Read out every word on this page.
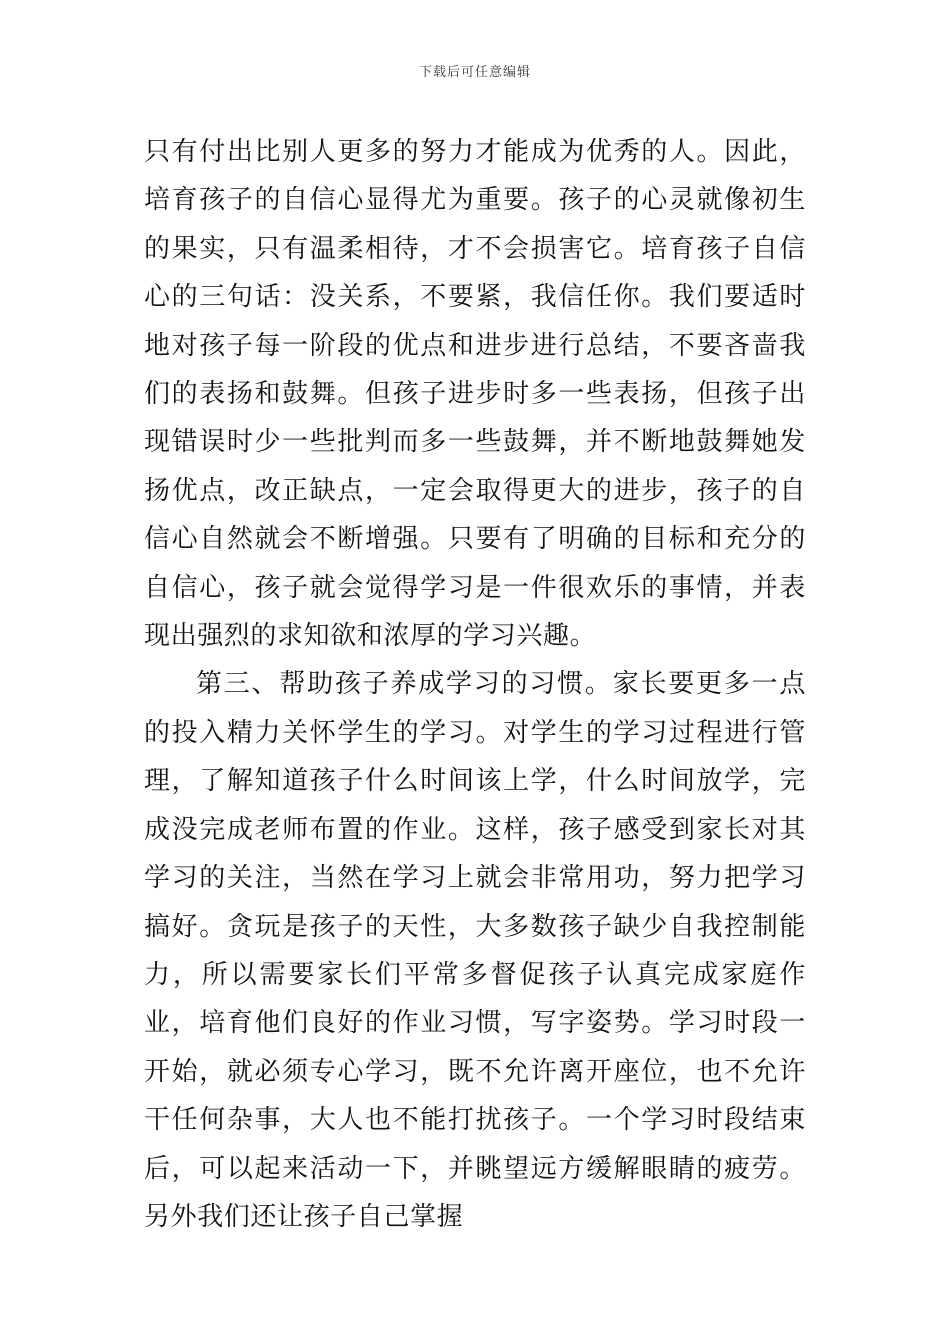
下载后可任意编辑

只有付出比别人更多的努力才能成为优秀的人。因此，培育孩子的自信心显得尤为重要。孩子的心灵就像初生的果实，只有温柔相待，才不会损害它。培育孩子自信心的三句话：没关系，不要紧，我信任你。我们要适时地对孩子每一阶段的优点和进步进行总结，不要吝啬我们的表扬和鼓舞。但孩子进步时多一些表扬，但孩子出现错误时少一些批判而多一些鼓舞，并不断地鼓舞她发扬优点，改正缺点，一定会取得更大的进步，孩子的自信心自然就会不断增强。只要有了明确的目标和充分的自信心，孩子就会觉得学习是一件很欢乐的事情，并表现出强烈的求知欲和浓厚的学习兴趣。

第三、帮助孩子养成学习的习惯。家长要更多一点的投入精力关怀学生的学习。对学生的学习过程进行管理，了解知道孩子什么时间该上学，什么时间放学，完成没完成老师布置的作业。这样，孩子感受到家长对其学习的关注，当然在学习上就会非常用功，努力把学习搞好。贪玩是孩子的天性，大多数孩子缺少自我控制能力，所以需要家长们平常多督促孩子认真完成家庭作业，培育他们良好的作业习惯，写字姿势。学习时段一开始，就必须专心学习，既不允许离开座位，也不允许干任何杂事，大人也不能打扰孩子。一个学习时段结束后，可以起来活动一下，并眺望远方缓解眼睛的疲劳。另外我们还让孩子自己掌握
